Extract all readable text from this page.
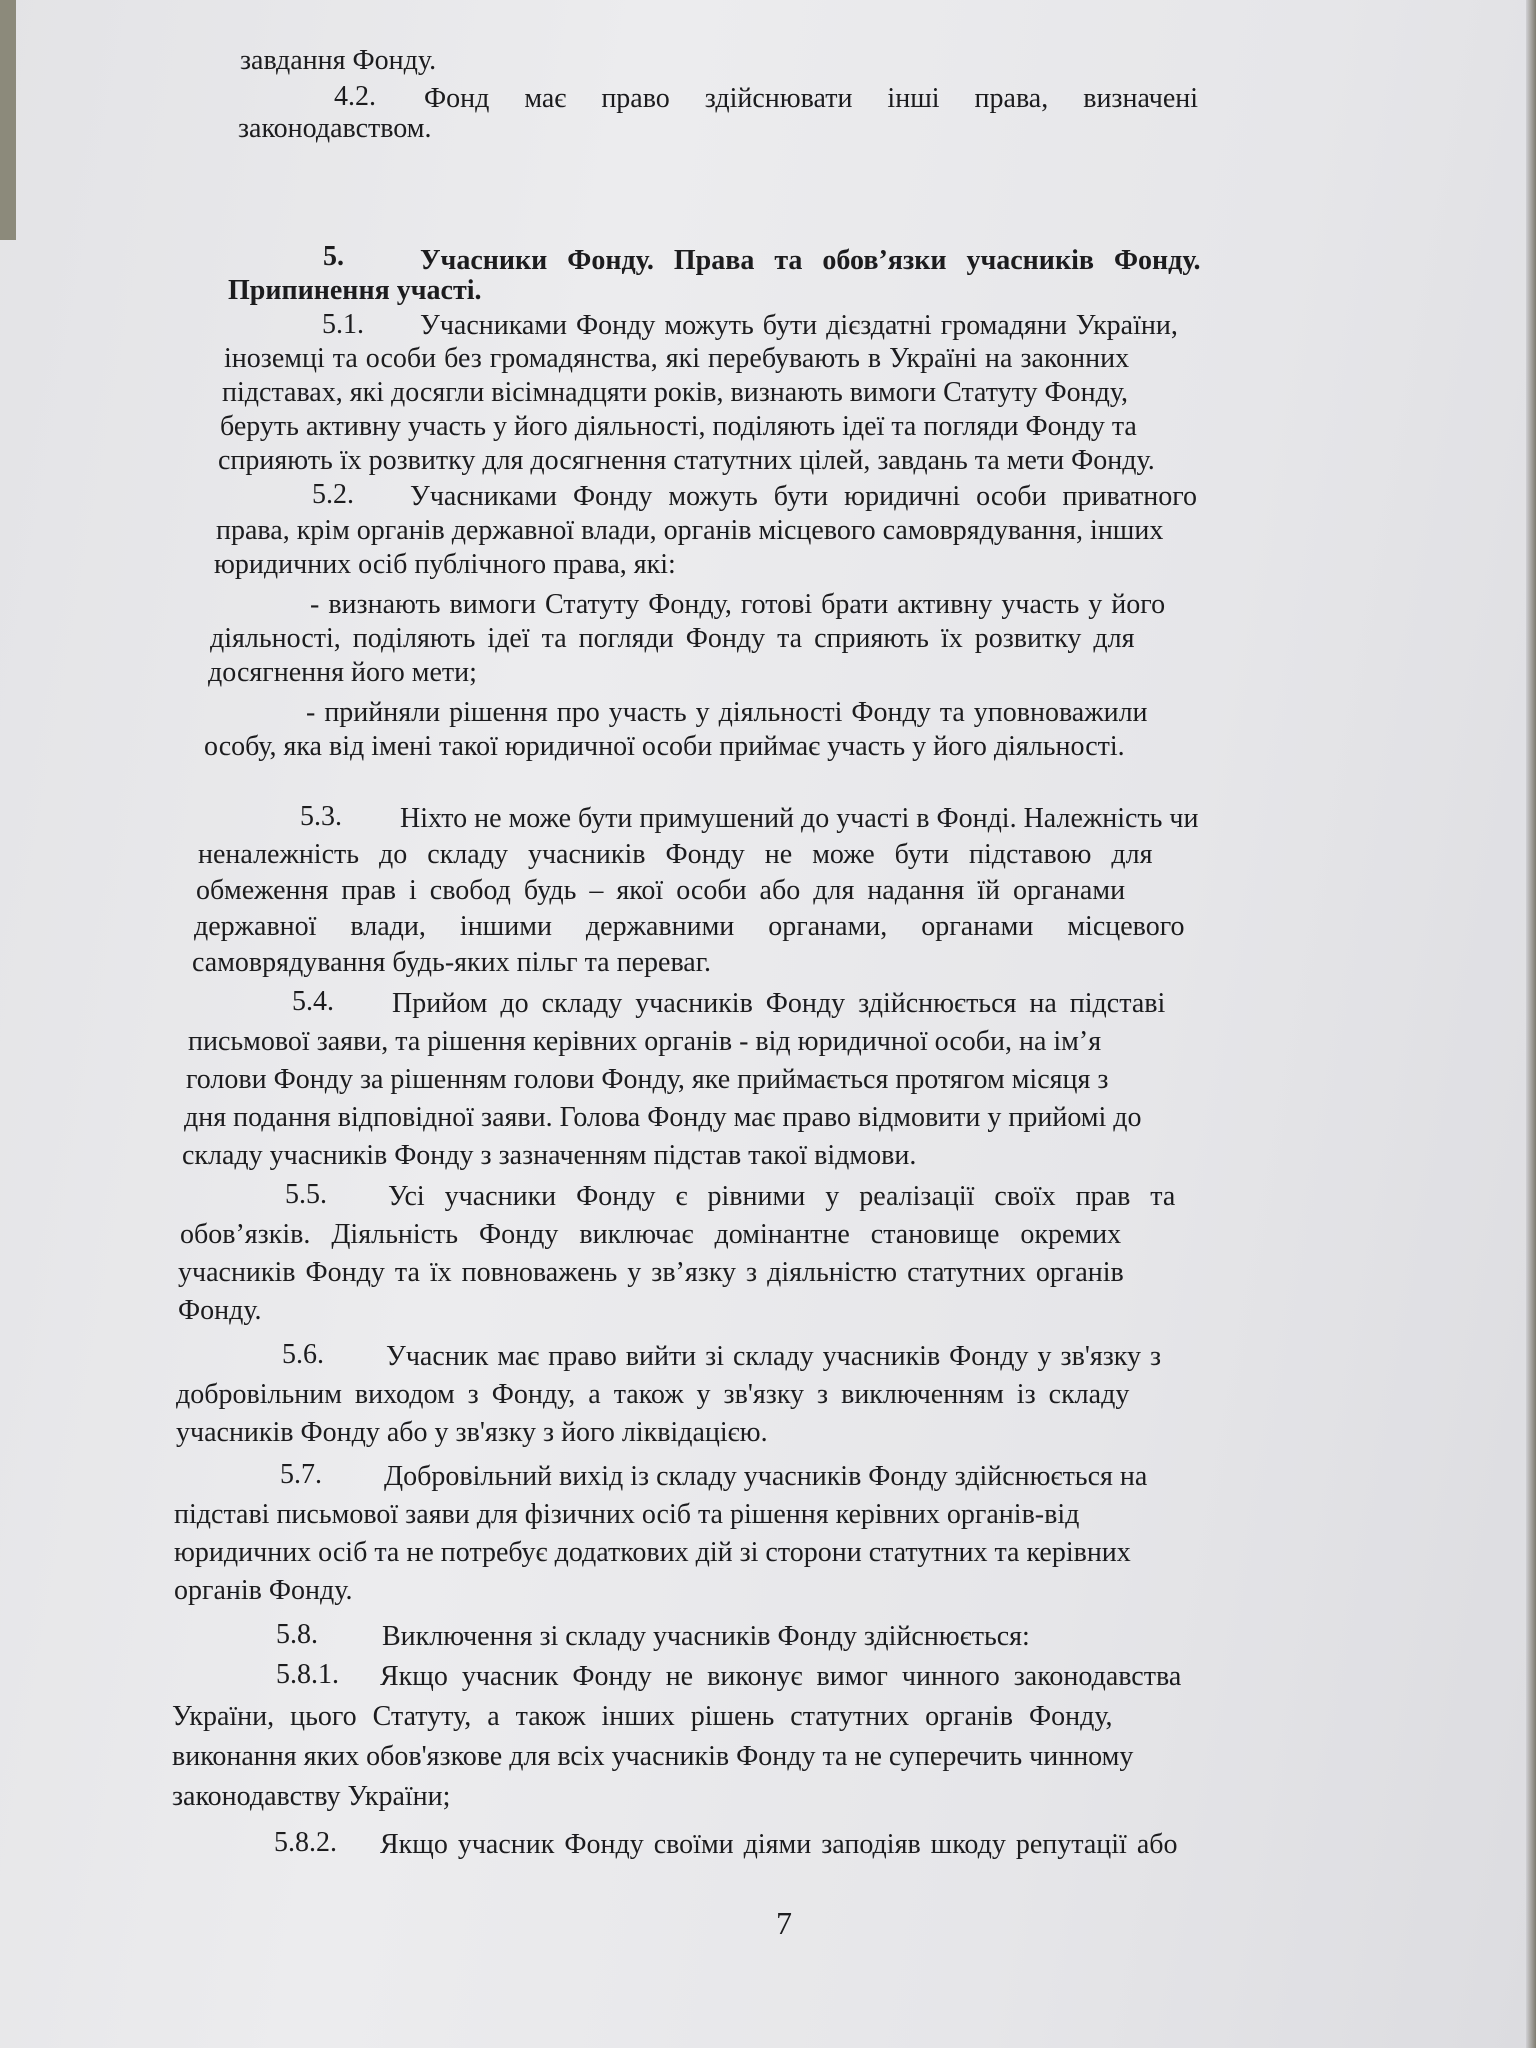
завдання Фонду.
4.2. Фонд має право здійснювати інші права, визначені
законодавством.
5.	Учасники Фонду. Права та обов’язки учасників Фонду.
Припинення участі.
5.1. Учасниками Фонду можуть бути дієздатні громадяни України,
іноземці та особи без громадянства, які перебувають в Україні на законних
підставах, які досягли вісімнадцяти років, визнають вимоги Статуту Фонду,
беруть активну участь у його діяльності, поділяють ідеї та погляди Фонду та
сприяють їх розвитку для досягнення статутних цілей, завдань та мети Фонду.
5.2. Учасниками Фонду можуть бути юридичні особи приватного
права, крім органів державної влади, органів місцевого самоврядування, інших
юридичних осіб публічного права, які:
- визнають вимоги Статуту Фонду, готові брати активну участь у його
діяльності, поділяють ідеї та погляди Фонду та сприяють їх розвитку для
досягнення його мети;
- прийняли рішення про участь у діяльності Фонду та уповноважили
особу, яка від імені такої юридичної особи приймає участь у його діяльності.
5.3. Ніхто не може бути примушений до участі в Фонді. Належність чи
неналежність до складу учасників Фонду не може бути підставою для
обмеження прав і свобод будь – якої особи або для надання їй органами
державної влади, іншими державними органами, органами місцевого
самоврядування будь-яких пільг та переваг.
5.4. Прийом до складу учасників Фонду здійснюється на підставі
письмової заяви, та рішення керівних органів - від юридичної особи, на ім’я
голови Фонду за рішенням голови Фонду, яке приймається протягом місяця з
дня подання відповідної заяви. Голова Фонду має право відмовити у прийомі до
складу учасників Фонду з зазначенням підстав такої відмови.
5.5. Усі учасники Фонду є рівними у реалізації своїх прав та
обов’язків. Діяльність Фонду виключає домінантне становище окремих
учасників Фонду та їх повноважень у зв’язку з діяльністю статутних органів
Фонду.
5.6. Учасник має право вийти зі складу учасників Фонду у зв'язку з
добровільним виходом з Фонду, а також у зв'язку з виключенням із складу
учасників Фонду або у зв'язку з його ліквідацією.
5.7. Добровільний вихід із складу учасників Фонду здійснюється на
підставі письмової заяви для фізичних осіб та рішення керівних органів-від
юридичних осіб та не потребує додаткових дій зі сторони статутних та керівних
органів Фонду.
5.8. Виключення зі складу учасників Фонду здійснюється:
5.8.1. Якщо учасник Фонду не виконує вимог чинного законодавства
України, цього Статуту, а також інших рішень статутних органів Фонду,
виконання яких обов'язкове для всіх учасників Фонду та не суперечить чинному
законодавству України;
5.8.2. Якщо учасник Фонду своїми діями заподіяв шкоду репутації або
7
